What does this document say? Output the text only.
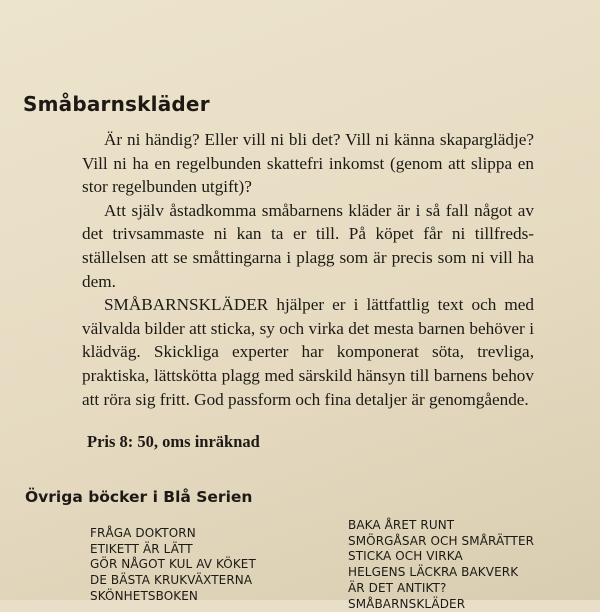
Småbarnskläder

Är ni händig? Eller vill ni bli det? Vill ni känna skaparglädje? Vill ni ha en regelbunden skattefri inkomst (genom att slippa en stor regelbunden utgift)?

Att själv åstadkomma småbarnens kläder är i så fall något av det trivsammaste ni kan ta er till. På köpet får ni tillfredsställelsen att se småttingarna i plagg som är precis som ni vill ha dem.

SMÅBARNSKLÄDER hjälper er i lättfattlig text och med välvalda bilder att sticka, sy och virka det mesta barnen behöver i klädväg. Skickliga experter har komponerat söta, trevliga, praktiska, lättskötta plagg med särskild hänsyn till barnens behov att röra sig fritt. God passform och fina detaljer är genomgående.

Pris 8: 50, oms inräknad
Övriga böcker i Blå Serien
FRÅGA DOKTORN
ETIKETT ÄR LÄTT
GÖR NÅGOT KUL AV KÖKET
DE BÄSTA KRUKVÄXTERNA
SKÖNHETSBOKEN
BAKA ÅRET RUNT
SMÖRGÅSAR OCH SMÅRÄTTER
STICKA OCH VIRKA
HELGENS LÄCKRA BAKVERK
ÄR DET ANTIKT?
SMÅBARNSKLÄDER
